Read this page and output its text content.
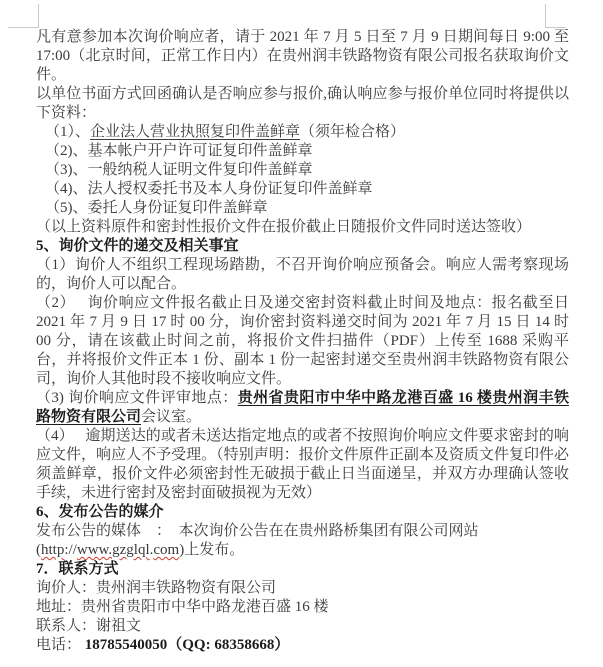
凡有意参加本次询价响应者，请于 2021 年 7 月 5 日至 7 月 9 日期间每日 9:00 至 17:00（北京时间，正常工作日内）在贵州润丰铁路物资有限公司报名获取询价文件。

以单位书面方式回函确认是否响应参与报价,确认响应参与报价单位同时将提供以下资料：

（1）、企业法人营业执照复印件盖鲜章（须年检合格）

（2)、基本帐户开户许可证复印件盖鲜章

（3)、一般纳税人证明文件复印件盖鲜章

（4)、法人授权委托书及本人身份证复印件盖鲜章

（5)、委托人身份证复印件盖鲜章

（以上资料原件和密封性报价文件在报价截止日随报价文件同时送达签收）

5、询价文件的递交及相关事宜

（1）询价人不组织工程现场踏勘，不召开询价响应预备会。响应人需考察现场的，询价人可以配合。

（2）　 询价响应文件报名截止日及递交密封资料截止时间及地点：报名截至日 2021 年 7 月 9 日 17 时 00 分，询价密封资料递交时间为 2021 年 7 月 15 日 14 时 00 分，请在该截止时间之前，将报价文件扫描件（PDF）上传至 1688 采购平台，并将报价文件正本 1 份、副本 1 份一起密封递交至贵州润丰铁路物资有限公司，询价人其他时段不接收响应文件。

（3) 询价响应文件评审地点：贵州省贵阳市中华中路龙港百盛 16 楼贵州润丰铁路物资有限公司会议室。

（4）　 逾期送达的或者未送达指定地点的或者不按照询价响应文件要求密封的响应文件，响应人不予受理。（特别声明：报价文件原件正副本及资质文件复印件必须盖鲜章，报价文件必须密封性无破损于截止日当面递呈，并双方办理确认签收手续，未进行密封及密封面破损视为无效）

6、发布公告的媒介

发布公告的媒体　：　本次询价公告在在贵州路桥集团有限公司网站

(http://www.gzglql.com)上发布。

7．联系方式

询价人：贵州润丰铁路物资有限公司

地址：贵州省贵阳市中华中路龙港百盛 16 楼

联系人：谢祖文

电话： 18785540050（QQ: 68358668）
